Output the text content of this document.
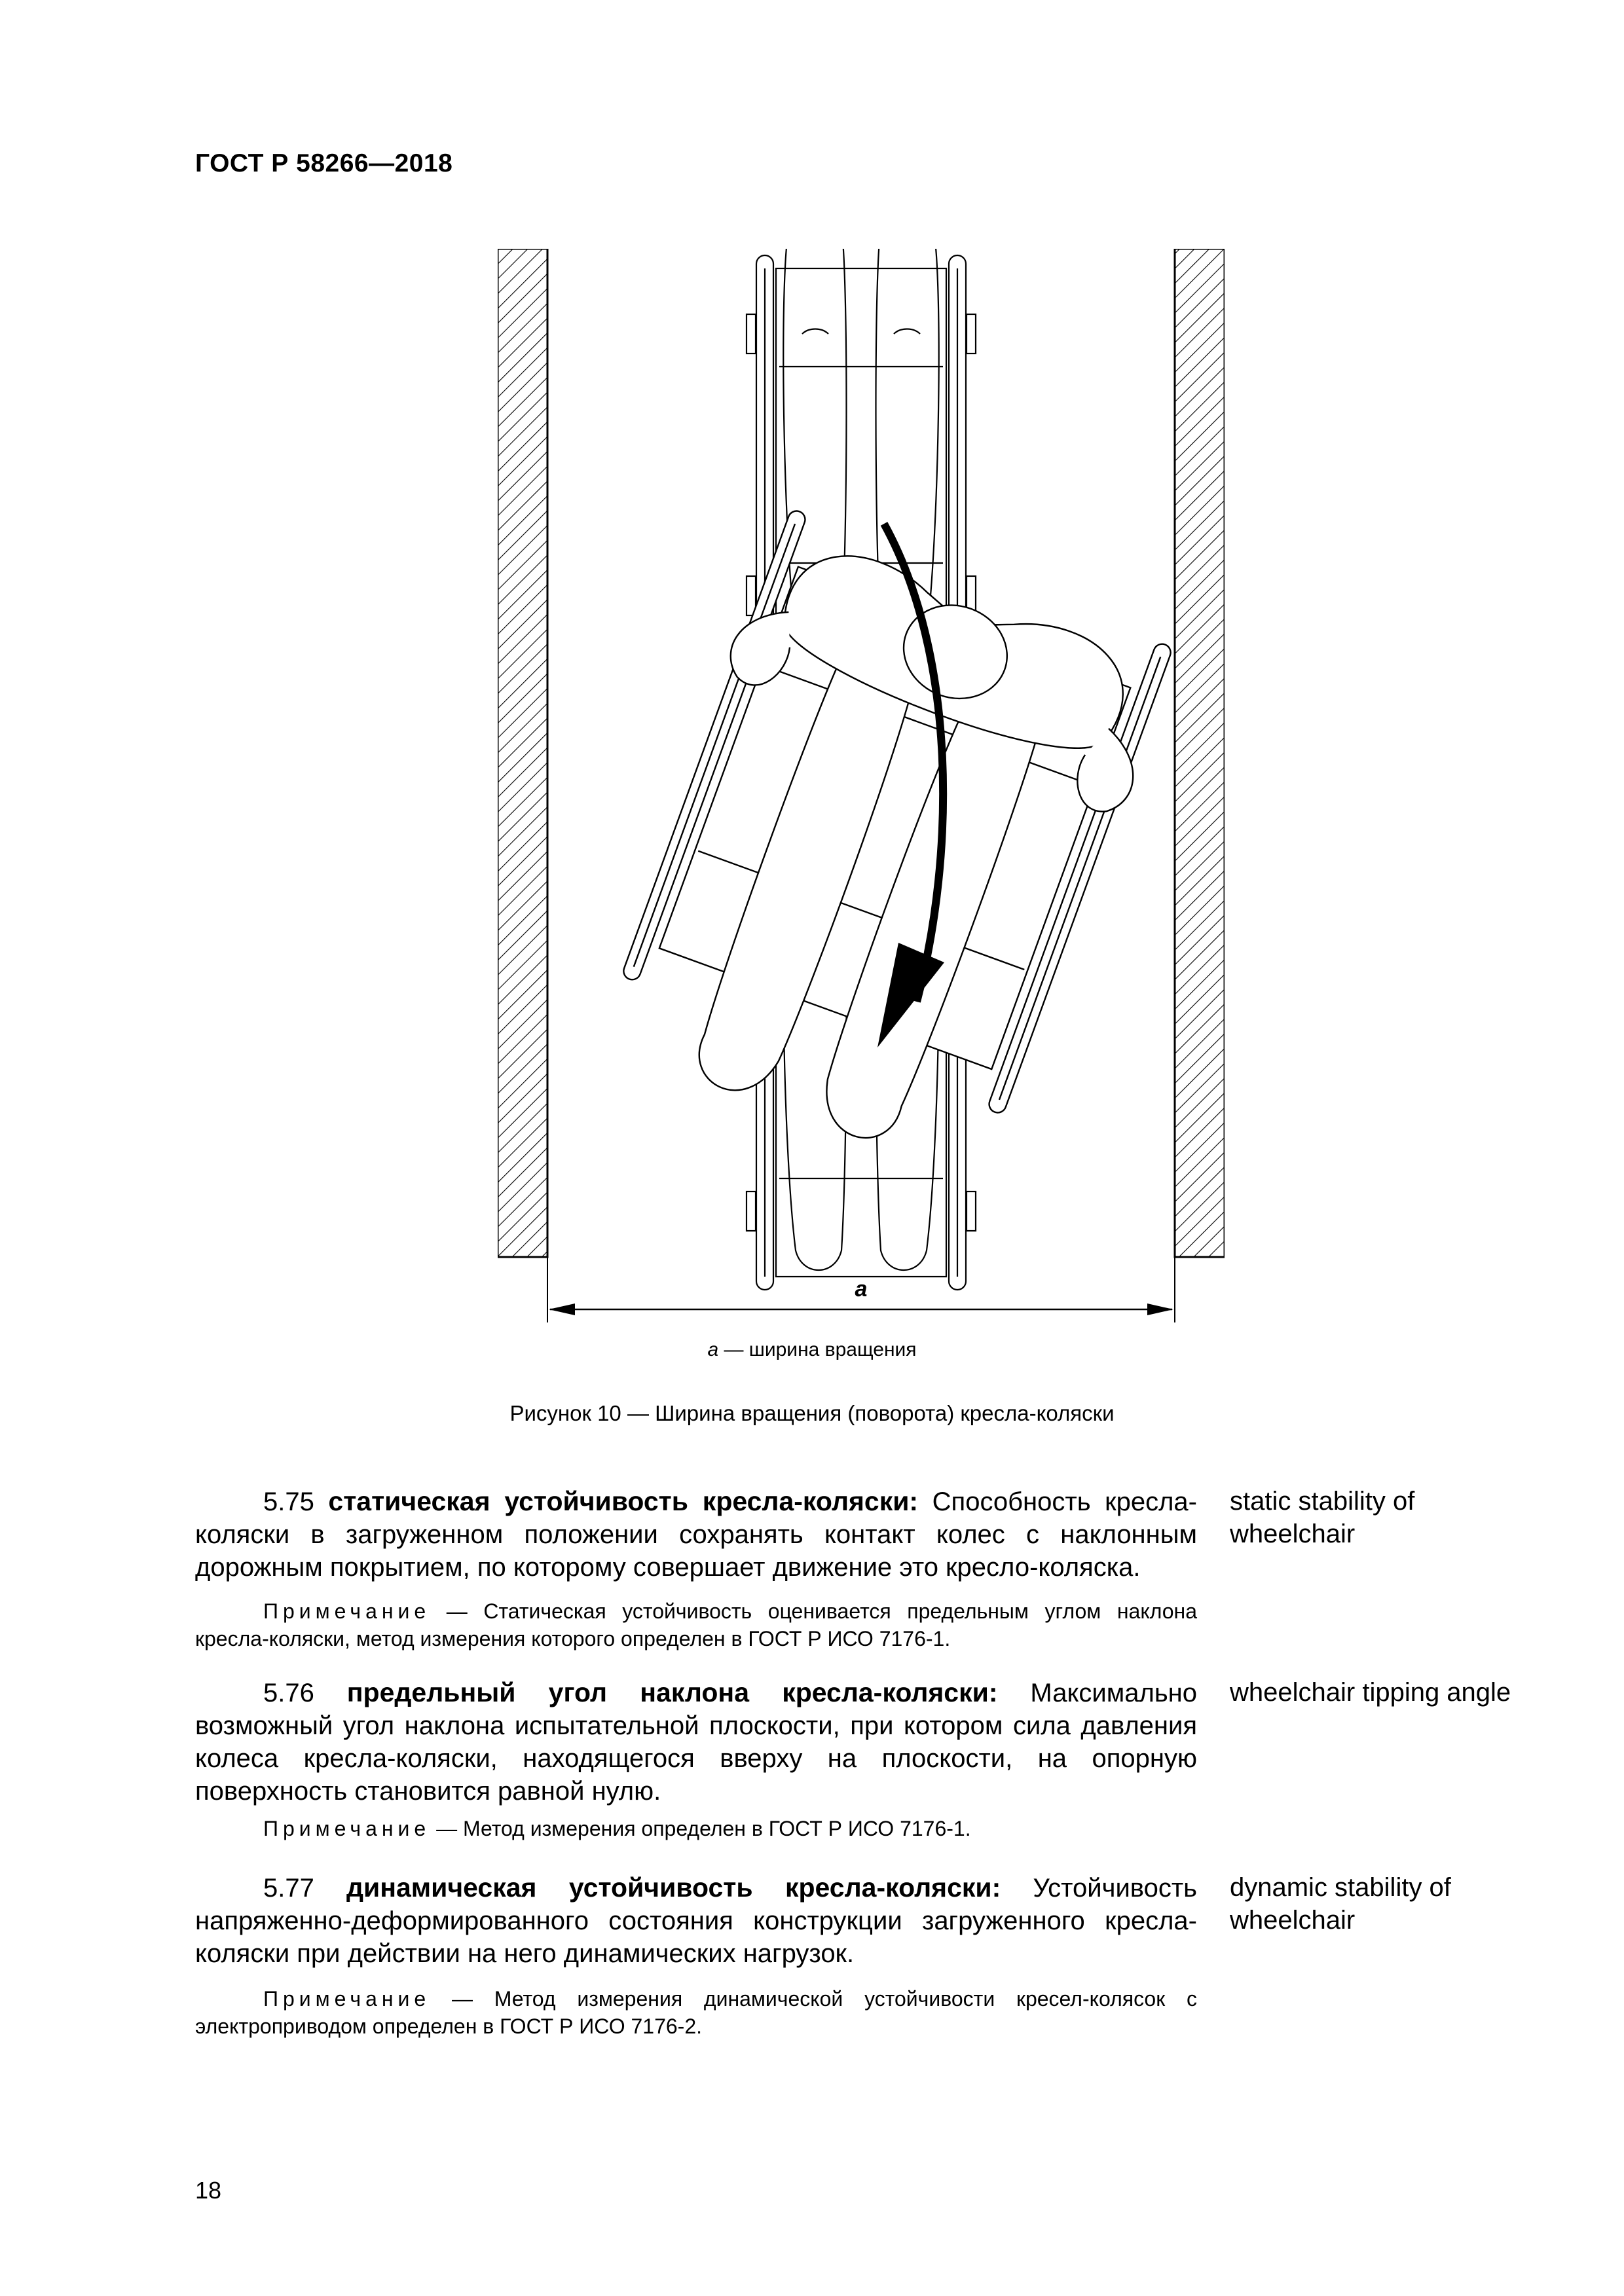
ГОСТ Р 58266—2018
a
a — ширина вращения
Рисунок 10 — Ширина вращения (поворота) кресла-коляски

5.75 статическая устойчивость кресла-коляски: Способность кресла-коляски в загруженном положении сохранять контакт колес с наклонным дорожным покрытием, по которому совершает движение это кресло-коляска.

Примечание — Статическая устойчивость оценивается предельным углом наклона кресла-коляски, метод измерения которого определен в ГОСТ Р ИСО 7176-1.

static stability of wheelchair

5.76 предельный угол наклона кресла-коляски: Максимально возможный угол наклона испытательной плоскости, при котором сила давления колеса кресла-коляски, находящегося вверху на плоскости, на опорную поверхность становится равной нулю.

Примечание — Метод измерения определен в ГОСТ Р ИСО 7176-1.

wheelchair tipping angle

5.77 динамическая устойчивость кресла-коляски: Устойчивость напряженно-деформированного состояния конструкции загруженного кресла-коляски при действии на него динамических нагрузок.

Примечание — Метод измерения динамической устойчивости кресел-колясок с электроприводом определен в ГОСТ Р ИСО 7176-2.

dynamic stability of wheelchair
18
